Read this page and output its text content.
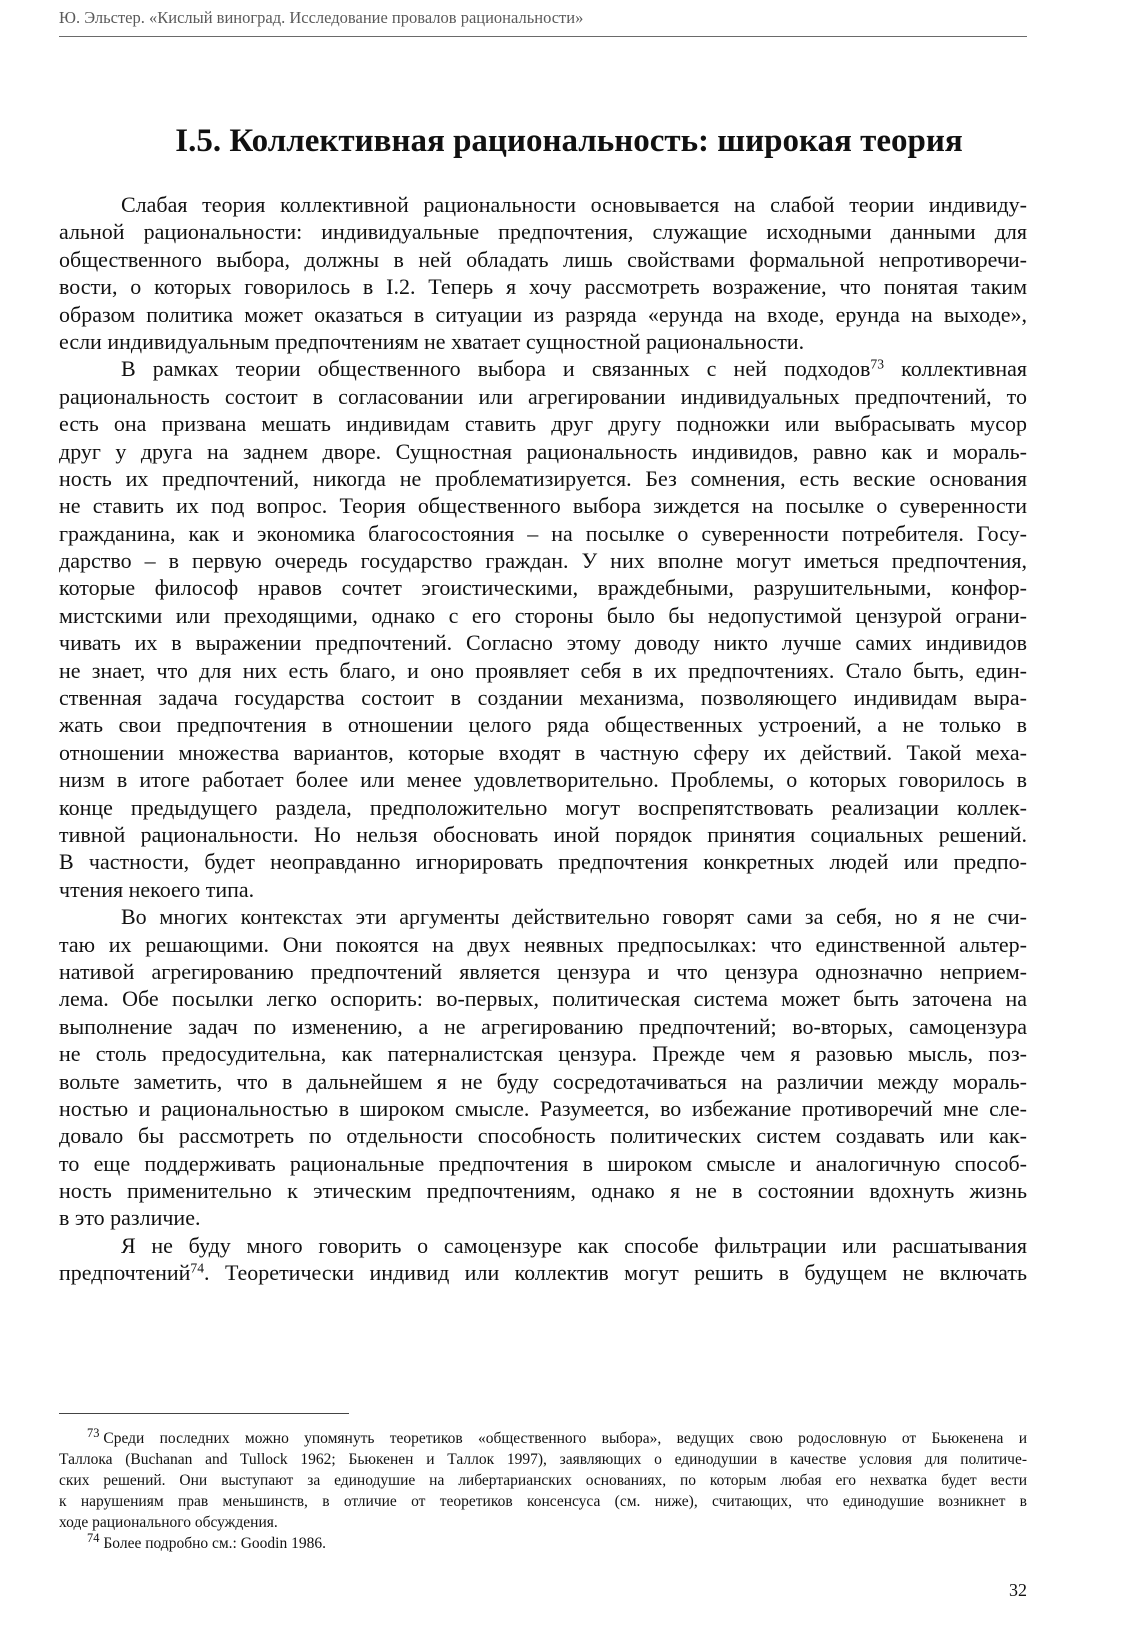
Ю. Эльстер. «Кислый виноград. Исследование провалов рациональности»
I.5. Коллективная рациональность: широкая теория
Слабая теория коллективной рациональности основывается на слабой теории индивиду-
альной рациональности: индивидуальные предпочтения, служащие исходными данными для
общественного выбора, должны в ней обладать лишь свойствами формальной непротиворечи-
вости, о которых говорилось в I.2. Теперь я хочу рассмотреть возражение, что понятая таким
образом политика может оказаться в ситуации из разряда «ерунда на входе, ерунда на выходе»,
если индивидуальным предпочтениям не хватает сущностной рациональности.
В рамках теории общественного выбора и связанных с ней подходов$^{73}$ коллективная
рациональность состоит в согласовании или агрегировании индивидуальных предпочтений, то
есть она призвана мешать индивидам ставить друг другу подножки или выбрасывать мусор
друг у друга на заднем дворе. Сущностная рациональность индивидов, равно как и мораль-
ность их предпочтений, никогда не проблематизируется. Без сомнения, есть веские основания
не ставить их под вопрос. Теория общественного выбора зиждется на посылке о суверенности
гражданина, как и экономика благосостояния – на посылке о суверенности потребителя. Госу-
дарство – в первую очередь государство граждан. У них вполне могут иметься предпочтения,
которые философ нравов сочтет эгоистическими, враждебными, разрушительными, конфор-
мистскими или преходящими, однако с его стороны было бы недопустимой цензурой ограни-
чивать их в выражении предпочтений. Согласно этому доводу никто лучше самих индивидов
не знает, что для них есть благо, и оно проявляет себя в их предпочтениях. Стало быть, един-
ственная задача государства состоит в создании механизма, позволяющего индивидам выра-
жать свои предпочтения в отношении целого ряда общественных устроений, а не только в
отношении множества вариантов, которые входят в частную сферу их действий. Такой меха-
низм в итоге работает более или менее удовлетворительно. Проблемы, о которых говорилось в
конце предыдущего раздела, предположительно могут воспрепятствовать реализации коллек-
тивной рациональности. Но нельзя обосновать иной порядок принятия социальных решений.
В частности, будет неоправданно игнорировать предпочтения конкретных людей или предпо-
чтения некоего типа.
Во многих контекстах эти аргументы действительно говорят сами за себя, но я не счи-
таю их решающими. Они покоятся на двух неявных предпосылках: что единственной альтер-
нативой агрегированию предпочтений является цензура и что цензура однозначно неприем-
лема. Обе посылки легко оспорить: во-первых, политическая система может быть заточена на
выполнение задач по изменению, а не агрегированию предпочтений; во-вторых, самоцензура
не столь предосудительна, как патерналистская цензура. Прежде чем я разовью мысль, поз-
вольте заметить, что в дальнейшем я не буду сосредотачиваться на различии между мораль-
ностью и рациональностью в широком смысле. Разумеется, во избежание противоречий мне сле-
довало бы рассмотреть по отдельности способность политических систем создавать или как-
то еще поддерживать рациональные предпочтения в широком смысле и аналогичную способ-
ность применительно к этическим предпочтениям, однако я не в состоянии вдохнуть жизнь
в это различие.
Я не буду много говорить о самоцензуре как способе фильтрации или расшатывания
предпочтений$^{74}$. Теоретически индивид или коллектив могут решить в будущем не включать
$^{73}$ Среди последних можно упомянуть теоретиков «общественного выбора», ведущих свою родословную от Бьюкенена и
Таллока (Buchanan and Tullock 1962; Бьюкенен и Таллок 1997), заявляющих о единодушии в качестве условия для политиче-
ских решений. Они выступают за единодушие на либертарианских основаниях, по которым любая его нехватка будет вести
к нарушениям прав меньшинств, в отличие от теоретиков консенсуса (см. ниже), считающих, что единодушие возникнет в
ходе рационального обсуждения.
$^{74}$ Более подробно см.: Goodin 1986.
32
